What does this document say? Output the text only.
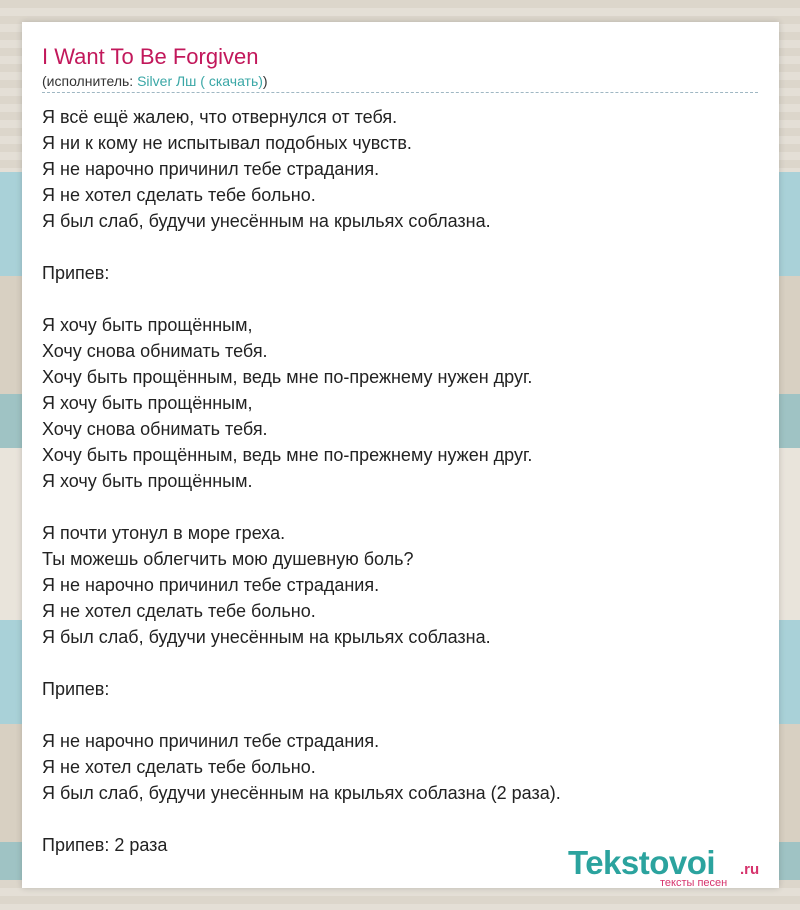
I Want To Be Forgiven
(исполнитель: Silver Лш ( скачать))
Я всё ещё жалею, что отвернулся от тебя.
Я ни к кому не испытывал подобных чувств.
Я не нарочно причинил тебе страдания.
Я не хотел сделать тебе больно.
Я был слаб, будучи унесённым на крыльях соблазна.
Припев:
Я хочу быть прощённым,
Хочу снова обнимать тебя.
Хочу быть прощённым, ведь мне по-прежнему нужен друг.
Я хочу быть прощённым,
Хочу снова обнимать тебя.
Хочу быть прощённым, ведь мне по-прежнему нужен друг.
Я хочу быть прощённым.
Я почти утонул в море греха.
Ты можешь облегчить мою душевную боль?
Я не нарочно причинил тебе страдания.
Я не хотел сделать тебе больно.
Я был слаб, будучи унесённым на крыльях соблазна.
Припев:
Я не нарочно причинил тебе страдания.
Я не хотел сделать тебе больно.
Я был слаб, будучи унесённым на крыльях соблазна (2 раза).
Припев: 2 раза	Tekstovoi .ru
тексты песен
